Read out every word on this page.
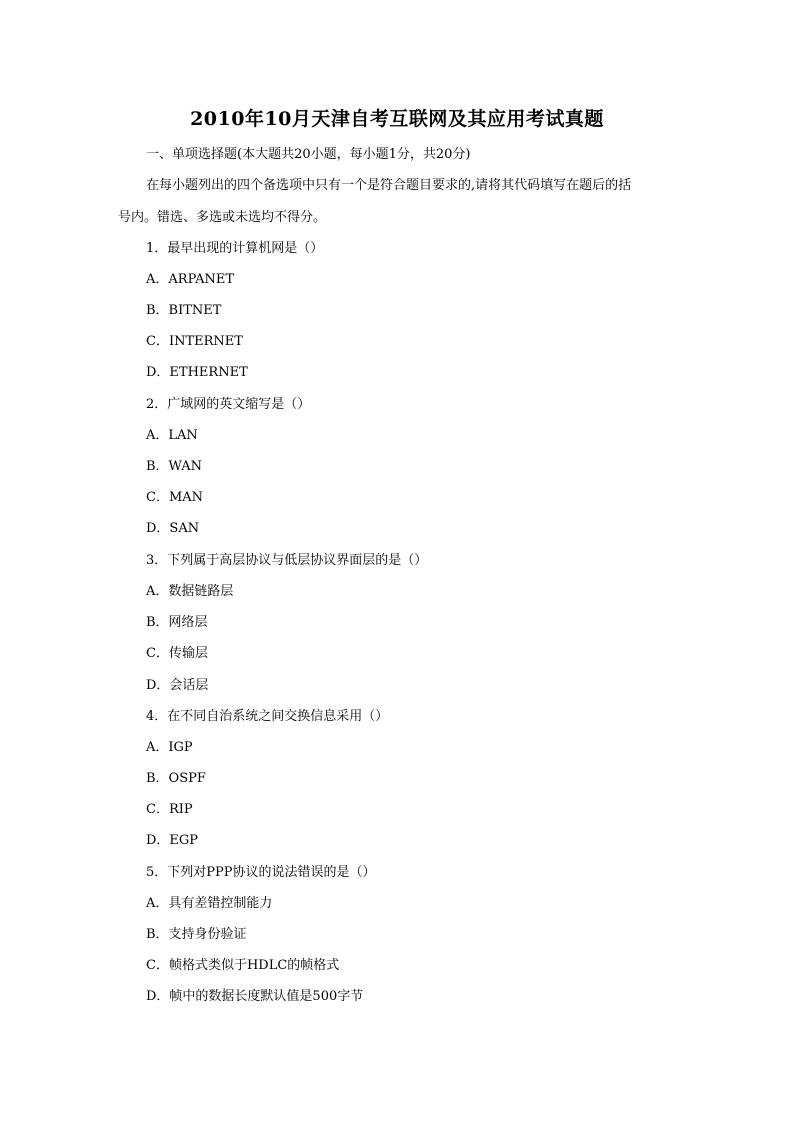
2010年10月天津自考互联网及其应用考试真题
一、单项选择题(本大题共20小题，每小题1分，共20分)
在每小题列出的四个备选项中只有一个是符合题目要求的,请将其代码填写在题后的括
号内。错选、多选或未选均不得分。
1．最早出现的计算机网是（）
A．ARPANET
B．BITNET
C．INTERNET
D．ETHERNET
2．广域网的英文缩写是（）
A．LAN
B．WAN
C．MAN
D．SAN
3．下列属于高层协议与低层协议界面层的是（）
A．数据链路层
B．网络层
C．传输层
D．会话层
4．在不同自治系统之间交换信息采用（）
A．IGP
B．OSPF
C．RIP
D．EGP
5．下列对PPP协议的说法错误的是（）
A．具有差错控制能力
B．支持身份验证
C．帧格式类似于HDLC的帧格式
D．帧中的数据长度默认值是500字节
